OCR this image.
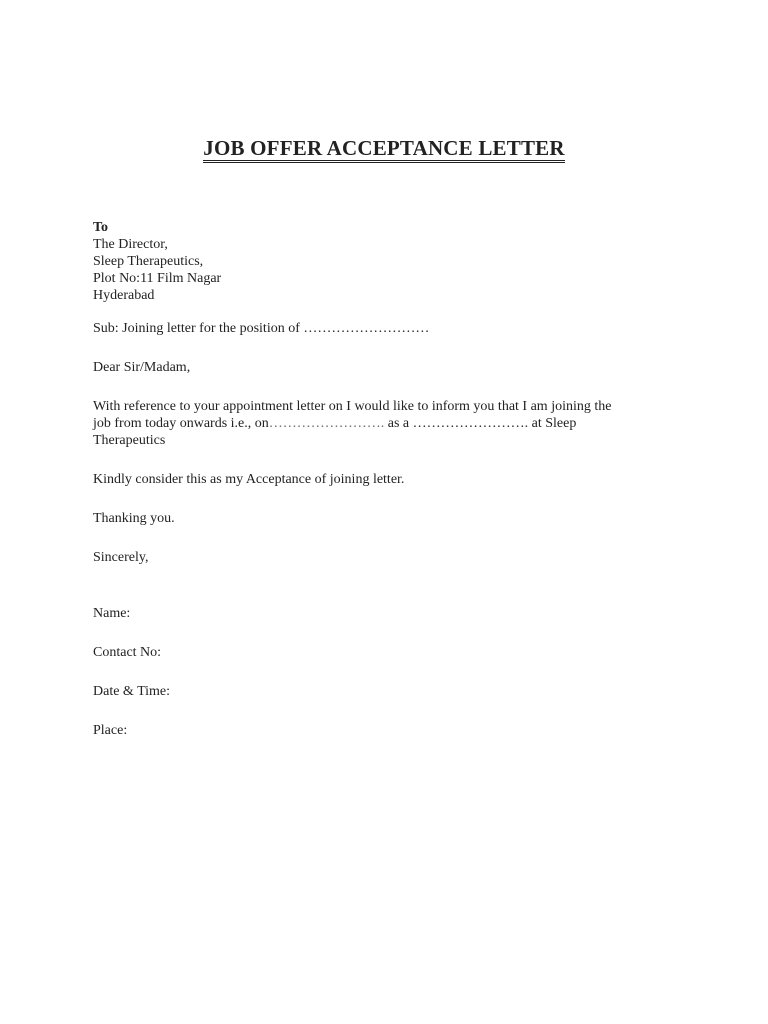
JOB OFFER ACCEPTANCE LETTER
To
The Director,
Sleep Therapeutics,
Plot No:11 Film Nagar
Hyderabad
Sub: Joining letter for the position of ………………………
Dear Sir/Madam,
With reference to your appointment letter on I would like to inform you that I am joining the
job from today onwards i.e., on……………………. as a ……………………. at Sleep
Therapeutics
Kindly consider this as my Acceptance of joining letter.
Thanking you.
Sincerely,
Name:
Contact No:
Date & Time:
Place:
